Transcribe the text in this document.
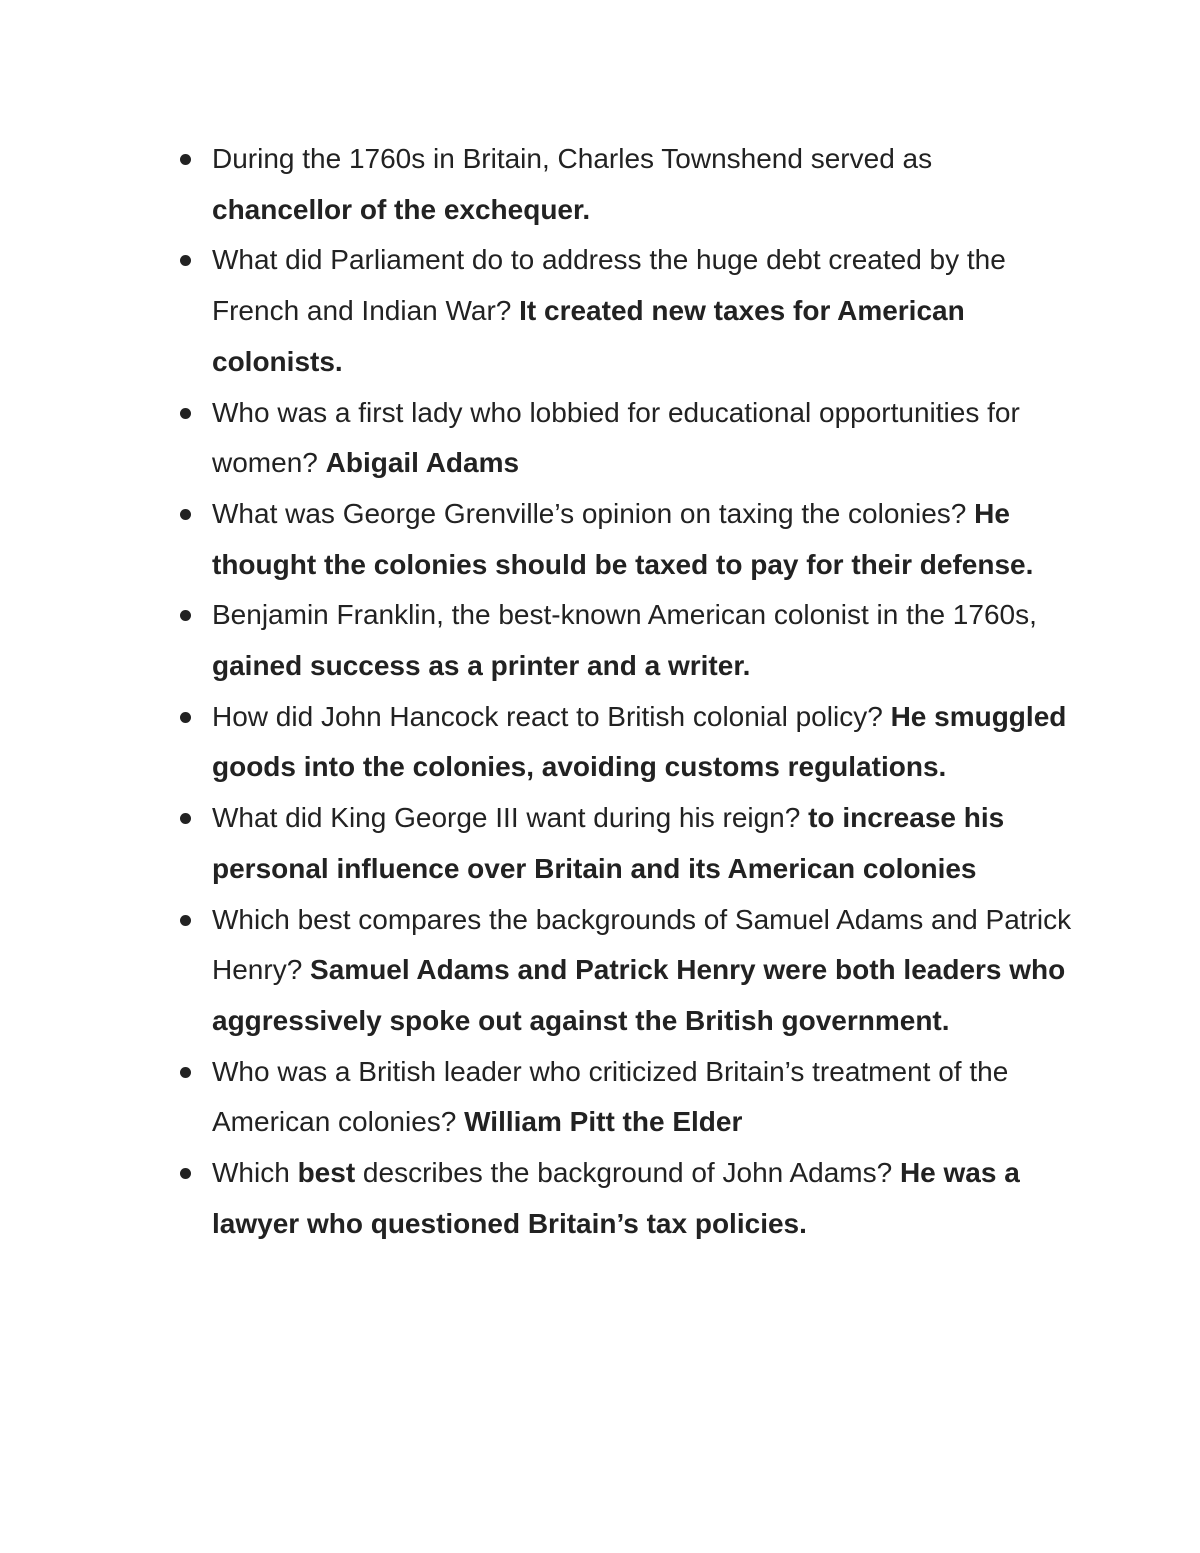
During the 1760s in Britain, Charles Townshend served as chancellor of the exchequer.
What did Parliament do to address the huge debt created by the French and Indian War? It created new taxes for American colonists.
Who was a first lady who lobbied for educational opportunities for women? Abigail Adams
What was George Grenville’s opinion on taxing the colonies? He thought the colonies should be taxed to pay for their defense.
Benjamin Franklin, the best-known American colonist in the 1760s, gained success as a printer and a writer.
How did John Hancock react to British colonial policy? He smuggled goods into the colonies, avoiding customs regulations.
What did King George III want during his reign? to increase his personal influence over Britain and its American colonies
Which best compares the backgrounds of Samuel Adams and Patrick Henry? Samuel Adams and Patrick Henry were both leaders who aggressively spoke out against the British government.
Who was a British leader who criticized Britain’s treatment of the American colonies? William Pitt the Elder
Which best describes the background of John Adams? He was a lawyer who questioned Britain’s tax policies.
